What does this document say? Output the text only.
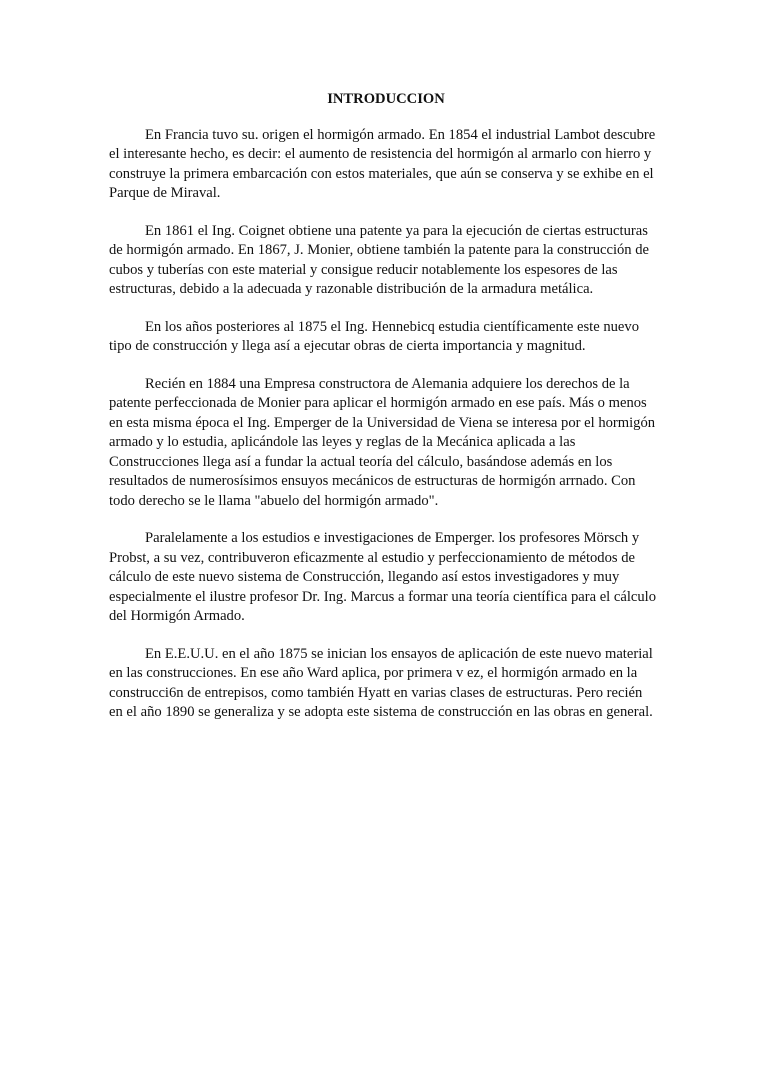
INTRODUCCION

En Francia tuvo su. origen el hormigón armado. En 1854 el industrial Lambot descubre el interesante hecho, es decir: el aumento de resistencia del hormigón al armarlo con hierro y construye la primera embarcación con estos materiales, que aún se conserva y se exhibe en el Parque de Miraval.

En 1861 el Ing. Coignet obtiene una patente ya para la ejecución de ciertas estructuras de hormigón armado. En 1867, J. Monier, obtiene también la patente para la construcción de cubos y tuberías con este material y consigue reducir notablemente los espesores de las estructuras, debido a la adecuada y razonable distribución de la armadura metálica.

En los años posteriores al 1875 el Ing. Hennebicq estudia científicamente este nuevo tipo de construcción y llega así a ejecutar obras de cierta importancia y magnitud.

Recién en 1884 una Empresa constructora de Alemania adquiere los derechos de la patente perfeccionada de Monier para aplicar el hormigón armado en ese país. Más o menos en esta misma época el Ing. Emperger de la Universidad de Viena se interesa por el hormigón armado y lo estudia, aplicándole las leyes y reglas de la Mecánica aplicada a las Construcciones llega así a fundar la actual teoría del cálculo, basándose además en los resultados de numerosísimos ensuyos mecánicos de estructuras de hormigón arrnado. Con todo derecho se le llama "abuelo del hormigón armado".

Paralelamente a los estudios e investigaciones de Emperger. los profesores Mörsch y Probst, a su vez, contribuveron eficazmente al estudio y perfeccionamiento de métodos de cálculo de este nuevo sistema de Construcción, llegando así estos investigadores y muy especialmente el ilustre profesor Dr. Ing. Marcus a formar una teoría científica para el cálculo del Hormigón Armado.

En E.E.U.U. en el año 1875 se inician los ensayos de aplicación de este nuevo material en las construcciones. En ese año Ward aplica, por primera v ez, el hormigón armado en la construcci6n de entrepisos, como también Hyatt en varias clases de estructuras. Pero recién en el año 1890 se generaliza y se adopta este sistema de construcción en las obras en general.
